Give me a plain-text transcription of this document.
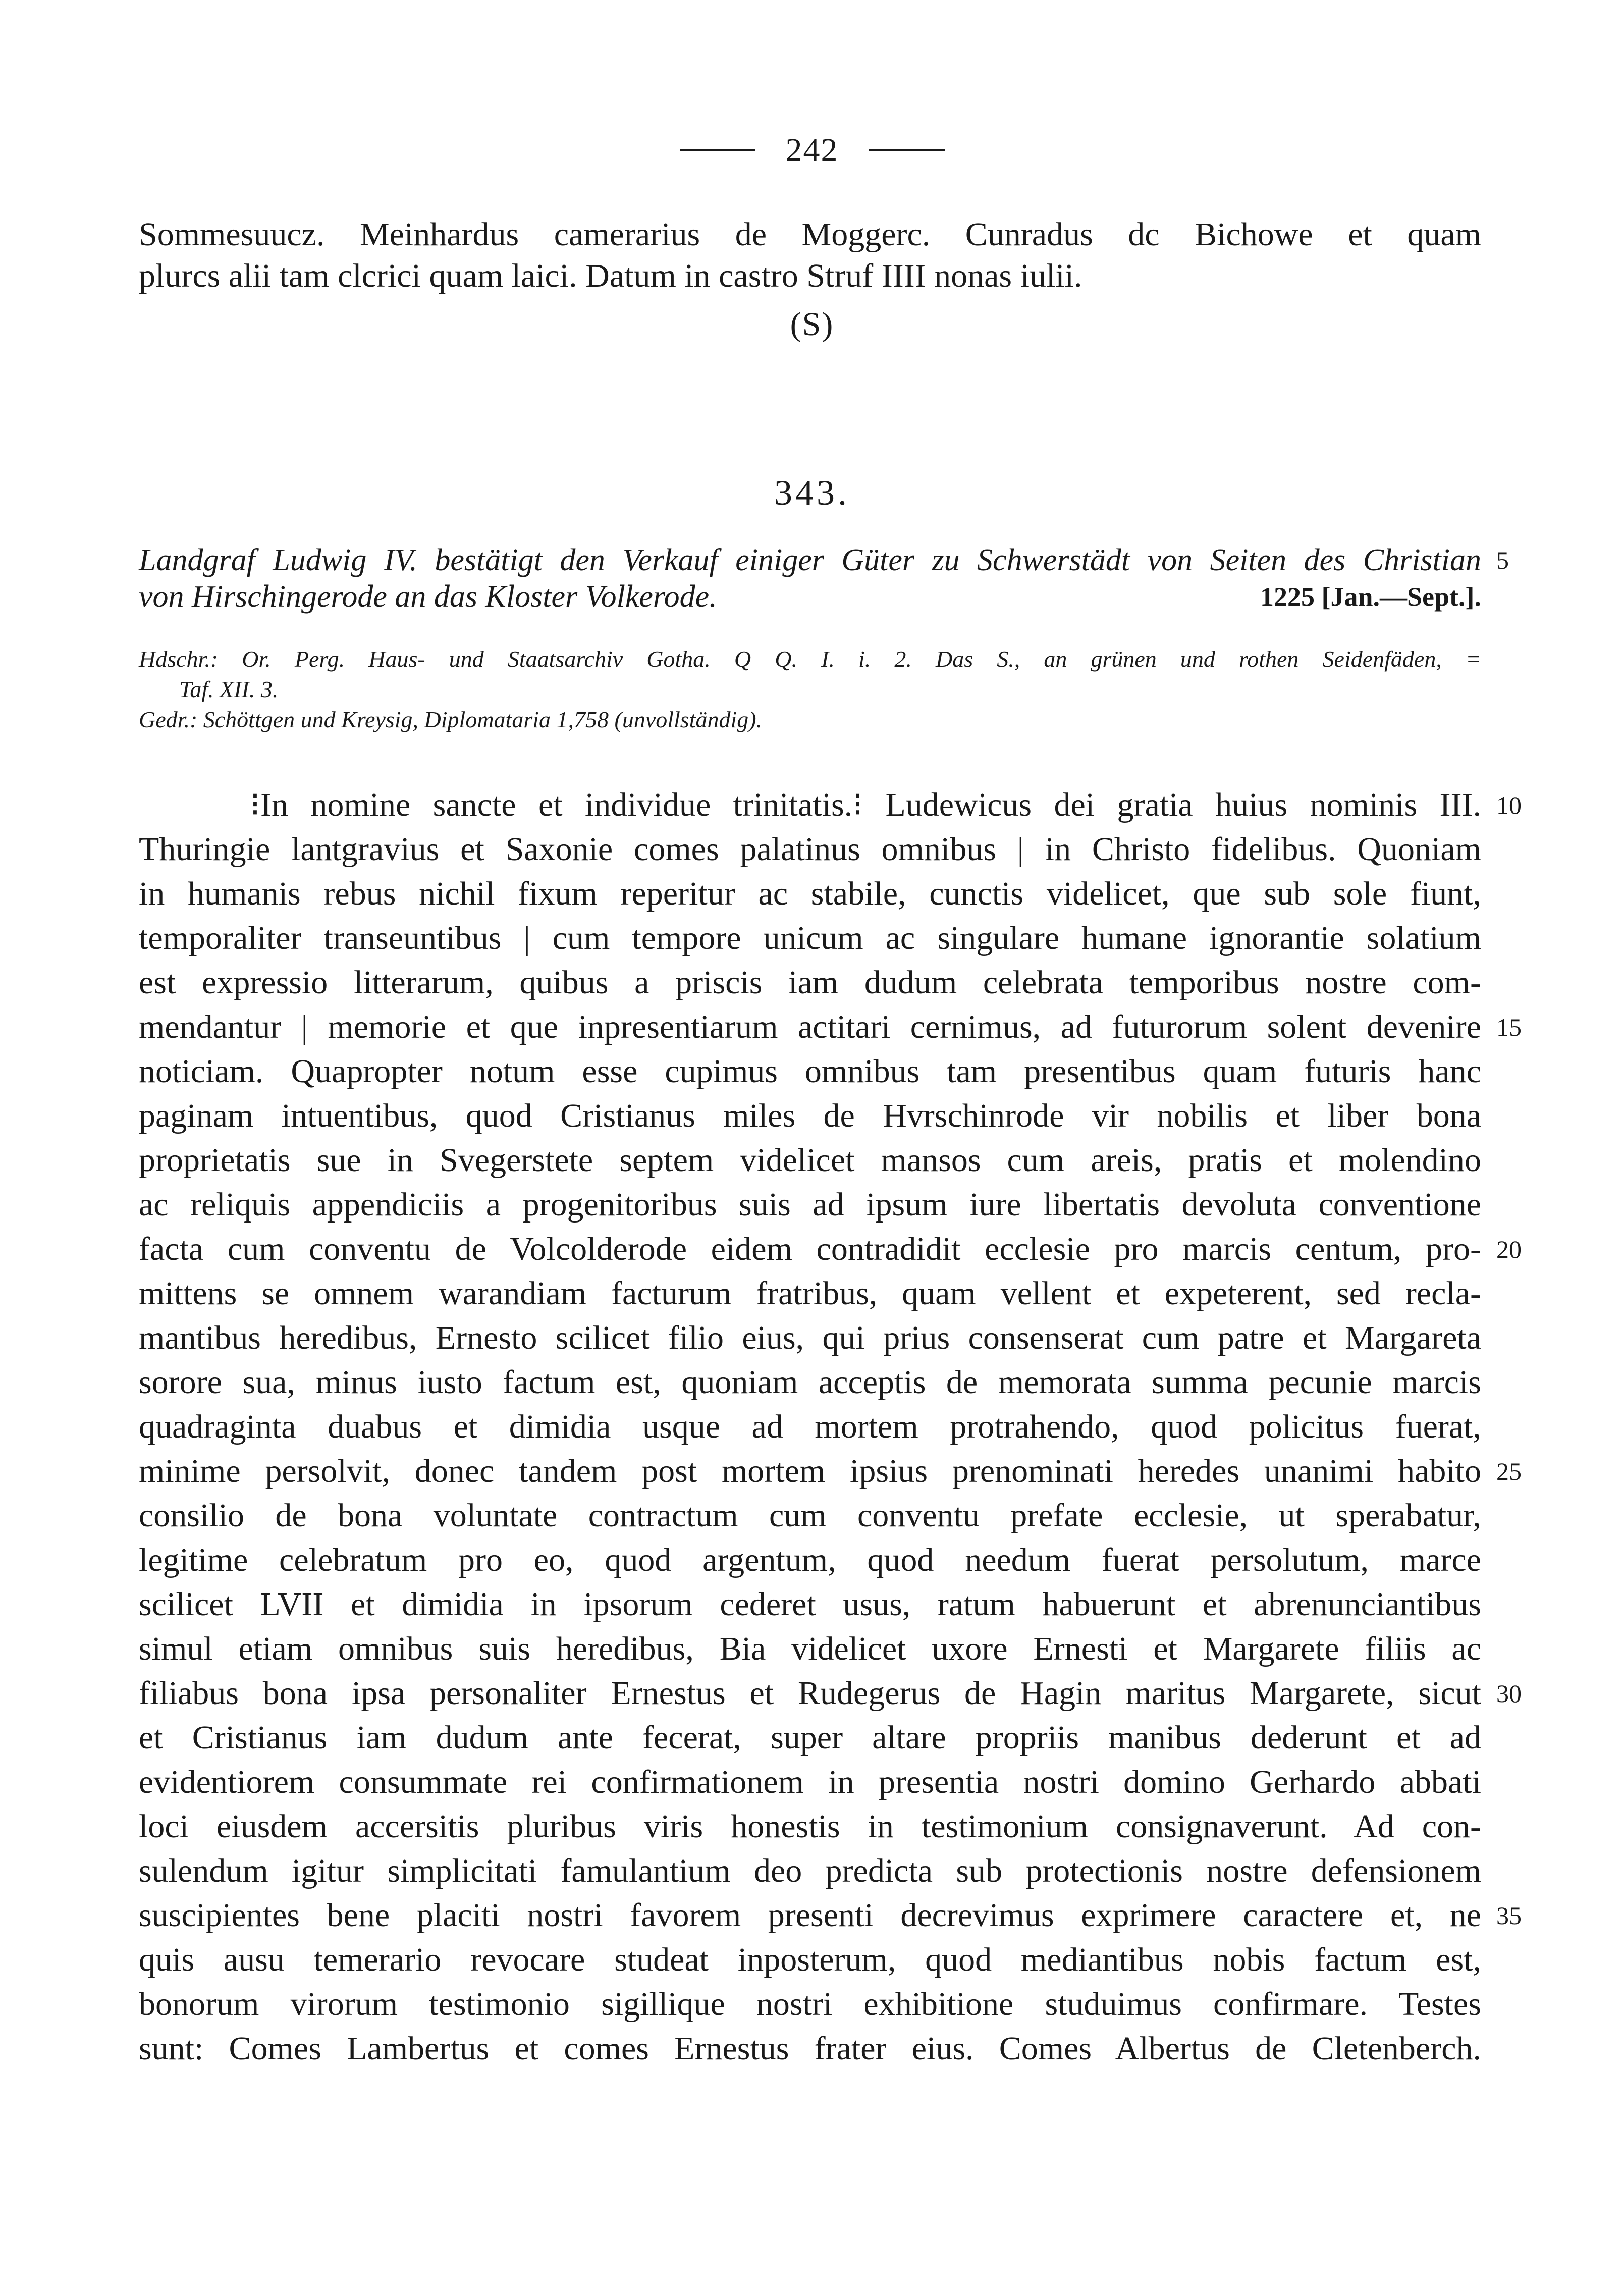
242
Sommesuucz. Meinhardus camerarius de Moggerc. Cunradus dc Bichowe et quam
plurcs alii tam clcrici quam laici. Datum in castro Struf IIII nonas iulii.
(S)
343.
Landgraf Ludwig IV. bestätigt den Verkauf einiger Güter zu Schwerstädt von Seiten des Christian
von Hirschingerode an das Kloster Volkerode.	1225 [Jan.—Sept.].
5
Hdschr.: Or. Perg. Haus- und Staatsarchiv Gotha. Q Q. I. i. 2. Das S., an grünen und rothen Seidenfäden, =
Taf. XII. 3.
Gedr.: Schöttgen und Kreysig, Diplomataria 1,758 (unvollständig).
⁝In nomine sancte et individue trinitatis.⁝ Ludewicus dei gratia huius nominis III.
Thuringie lantgravius et Saxonie comes palatinus omnibus | in Christo fidelibus. Quoniam
in humanis rebus nichil fixum reperitur ac stabile, cunctis videlicet, que sub sole fiunt,
temporaliter transeuntibus | cum tempore unicum ac singulare humane ignorantie solatium
est expressio litterarum, quibus a priscis iam dudum celebrata temporibus nostre com-
mendantur | memorie et que inpresentiarum actitari cernimus, ad futurorum solent devenire
noticiam. Quapropter notum esse cupimus omnibus tam presentibus quam futuris hanc
paginam intuentibus, quod Cristianus miles de Hvrschinrode vir nobilis et liber bona
proprietatis sue in Svegerstete septem videlicet mansos cum areis, pratis et molendino
ac reliquis appendiciis a progenitoribus suis ad ipsum iure libertatis devoluta conventione
facta cum conventu de Volcolderode eidem contradidit ecclesie pro marcis centum, pro-
mittens se omnem warandiam facturum fratribus, quam vellent et expeterent, sed recla-
mantibus heredibus, Ernesto scilicet filio eius, qui prius consenserat cum patre et Margareta
sorore sua, minus iusto factum est, quoniam acceptis de memorata summa pecunie marcis
quadraginta duabus et dimidia usque ad mortem protrahendo, quod policitus fuerat,
minime persolvit, donec tandem post mortem ipsius prenominati heredes unanimi habito
consilio de bona voluntate contractum cum conventu prefate ecclesie, ut sperabatur,
legitime celebratum pro eo, quod argentum, quod needum fuerat persolutum, marce
scilicet LVII et dimidia in ipsorum cederet usus, ratum habuerunt et abrenunciantibus
simul etiam omnibus suis heredibus, Bia videlicet uxore Ernesti et Margarete filiis ac
filiabus bona ipsa personaliter Ernestus et Rudegerus de Hagin maritus Margarete, sicut
et Cristianus iam dudum ante fecerat, super altare propriis manibus dederunt et ad
evidentiorem consummate rei confirmationem in presentia nostri domino Gerhardo abbati
loci eiusdem accersitis pluribus viris honestis in testimonium consignaverunt. Ad con-
sulendum igitur simplicitati famulantium deo predicta sub protectionis nostre defensionem
suscipientes bene placiti nostri favorem presenti decrevimus exprimere caractere et, ne
quis ausu temerario revocare studeat inposterum, quod mediantibus nobis factum est,
bonorum virorum testimonio sigillique nostri exhibitione studuimus confirmare. Testes
sunt: Comes Lambertus et comes Ernestus frater eius. Comes Albertus de Cletenberch.
10
15
20
25
30
35
